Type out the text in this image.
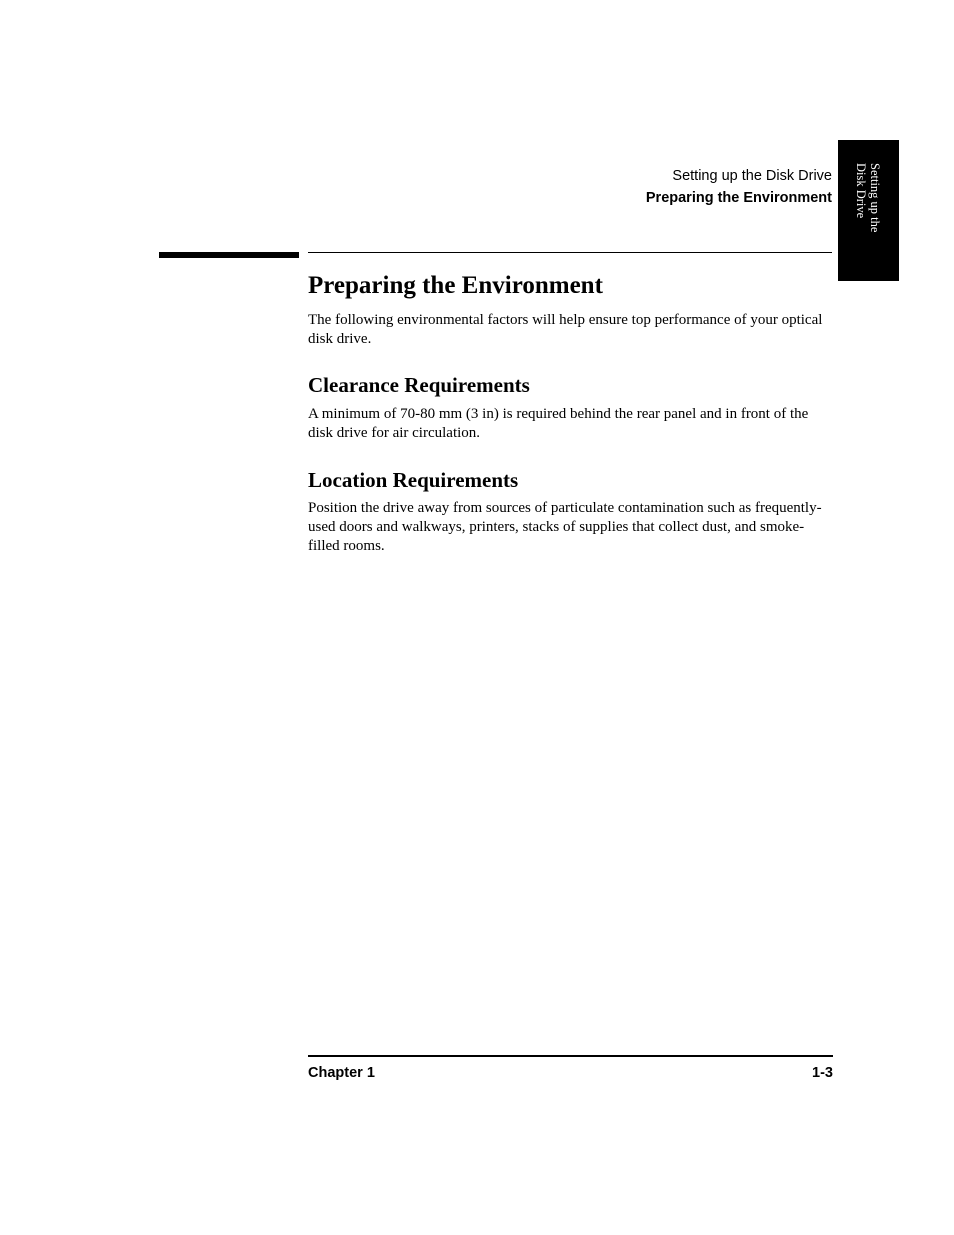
Setting up the Disk Drive
Preparing the Environment	Setting up the
Disk Drive
Preparing the Environment

The following environmental factors will help ensure top performance of your optical disk drive.

Clearance Requirements

A minimum of 70-80 mm (3 in) is required behind the rear panel and in front of the disk drive for air circulation.

Location Requirements

Position the drive away from sources of particulate contamination such as frequently-used doors and walkways, printers, stacks of supplies that collect dust, and smoke-filled rooms.

Chapter 1	1-3
